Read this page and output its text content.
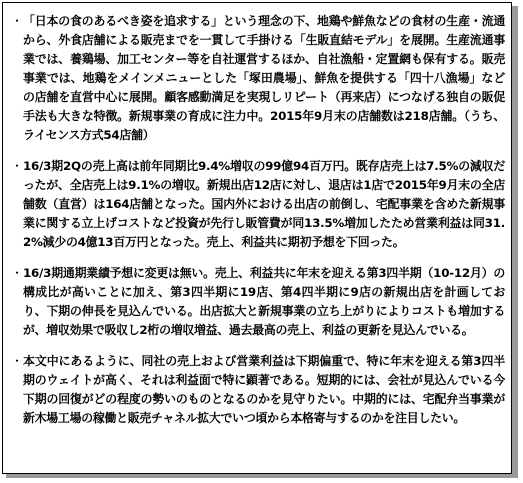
・ 「日本の食のあるべき姿を追求する」という理念の下、地鶏や鮮魚などの食材の生産・流通から、外食店舗による販売までを一貫して手掛ける「生販直結モデル」を展開。生産流通事業では、養鶏場、加工センター等を自社運営するほか、自社漁船・定置網も保有する。販売事業では、地鶏をメインメニューとした「塚田農場」、鮮魚を提供する「四十八漁場」などの店舗を直営中心に展開。顧客感動満足を実現しリピート（再来店）につなげる独自の販促手法も大きな特徴。新規事業の育成に注力中。2015年9月末の店舗数は218店舗。（うち、ライセンス方式54店舗）
・ 16/3期2Qの売上高は前年同期比9.4%増収の99億94百万円。既存店売上は7.5%の減収だったが、全店売上は9.1%の増収。新規出店12店に対し、退店は1店で2015年9月末の全店舗数（直営）は164店舗となった。国内外における出店の前倒し、宅配事業を含めた新規事業に関する立上げコストなど投資が先行し販管費が同13.5%増加したため営業利益は同31.2%減少の4億13百万円となった。売上、利益共に期初予想を下回った。
・ 16/3期通期業績予想に変更は無い。売上、利益共に年末を迎える第3四半期（10-12月）の構成比が高いことに加え、第3四半期に19店、第4四半期に9店の新規出店を計画しており、下期の伸長を見込んでいる。出店拡大と新規事業の立ち上がりによりコストも増加するが、増収効果で吸収し2桁の増収増益、過去最高の売上、利益の更新を見込んでいる。
・ 本文中にあるように、同社の売上および営業利益は下期偏重で、特に年末を迎える第3四半期のウェイトが高く、それは利益面で特に顕著である。短期的には、会社が見込んでいる今下期の回復がどの程度の勢いのものとなるのかを見守りたい。中期的には、宅配弁当事業が新木場工場の稼働と販売チャネル拡大でいつ頃から本格寄与するのかを注目したい。
